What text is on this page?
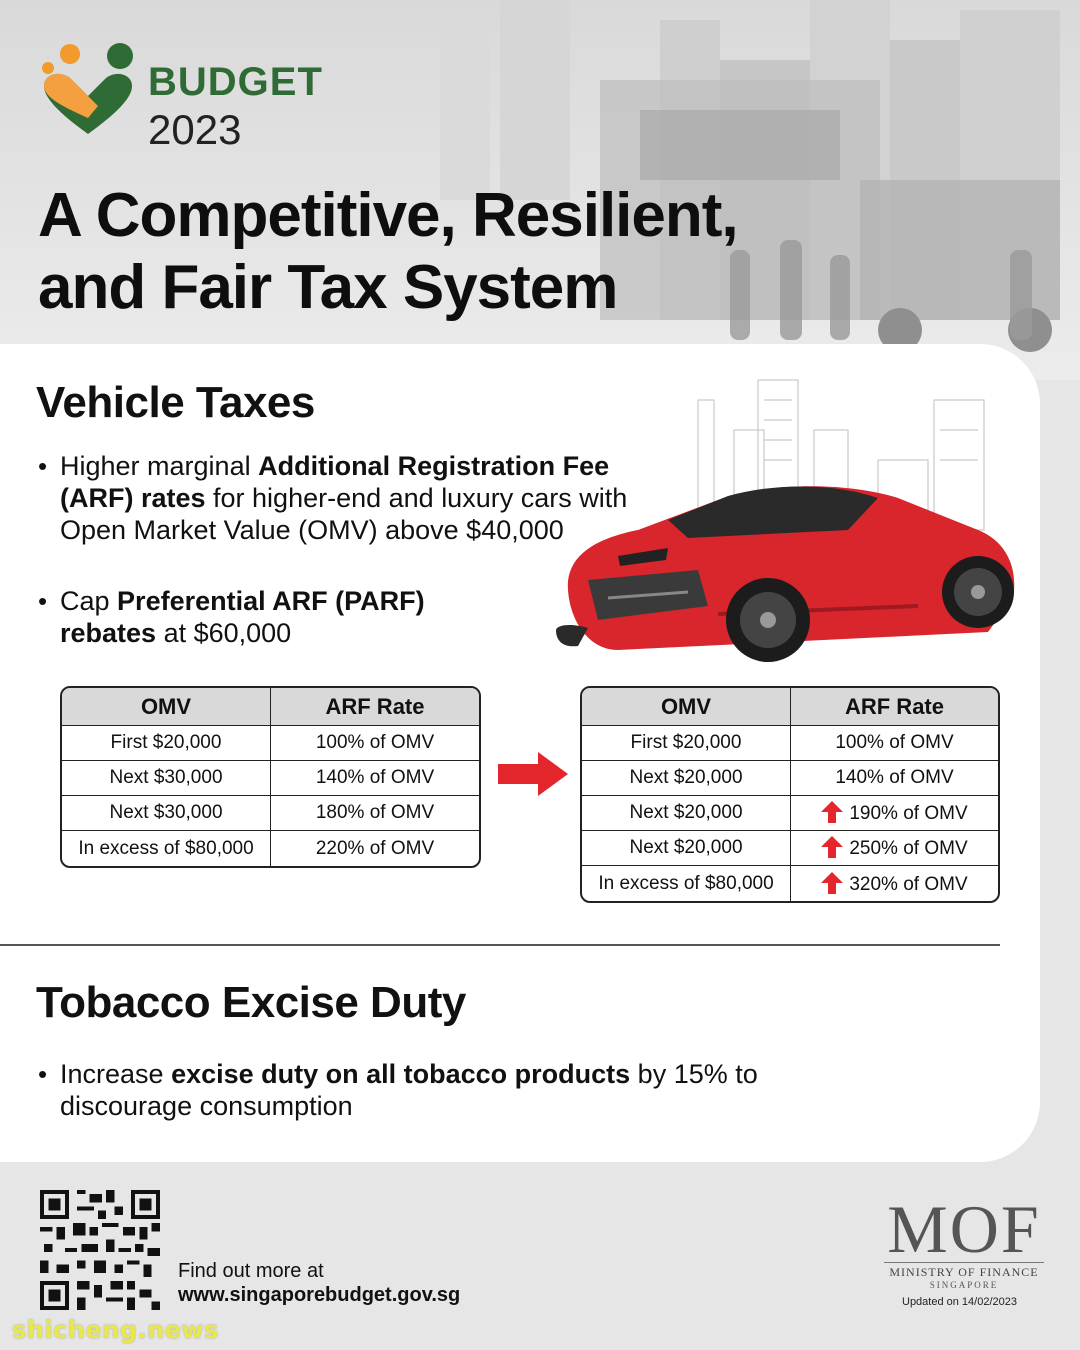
BUDGET
2023
A Competitive, Resilient,
and Fair Tax System
Vehicle Taxes
• Higher marginal Additional Registration Fee (ARF) rates for higher-end and luxury cars with Open Market Value (OMV) above $40,000
• Cap Preferential ARF (PARF) rebates at $60,000
OMV	ARF Rate
First $20,000	100% of OMV
Next $30,000	140% of OMV
Next $30,000	180% of OMV
In excess of $80,000	220% of OMV
OMV	ARF Rate
First $20,000	100% of OMV
Next $20,000	140% of OMV
Next $20,000	190% of OMV
Next $20,000	250% of OMV
In excess of $80,000	320% of OMV
Tobacco Excise Duty
• Increase excise duty on all tobacco products by 15% to discourage consumption
Find out more at
www.singaporebudget.gov.sg
MOF
MINISTRY OF FINANCE
SINGAPORE
Updated on 14/02/2023
shicheng.news
